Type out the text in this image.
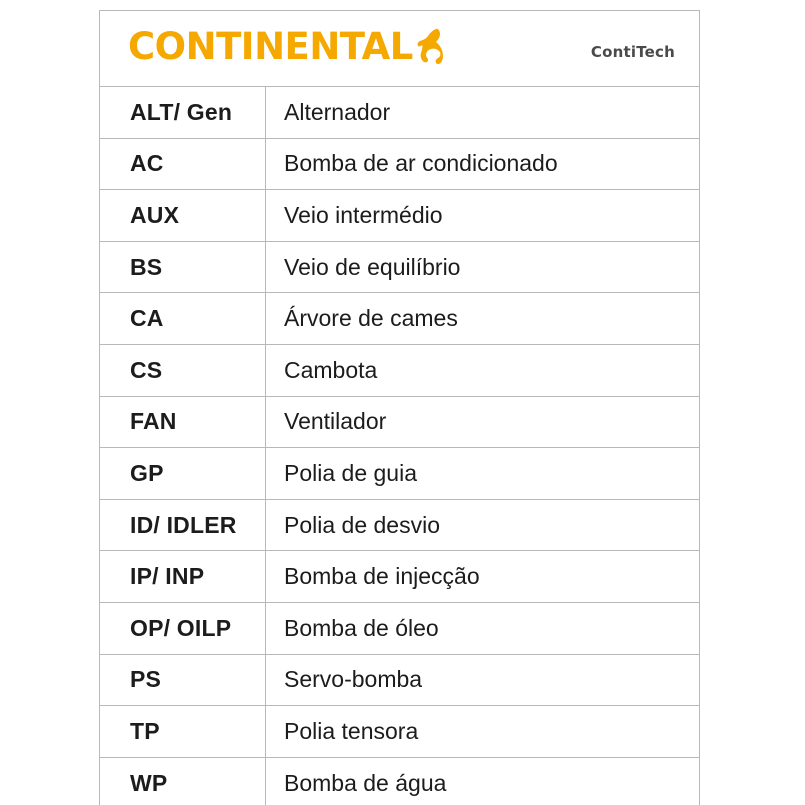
CONTINENTAL	ContiTech
ALT/ Gen	Alternador
AC	Bomba de ar condicionado
AUX	Veio intermédio
BS	Veio de equilíbrio
CA	Árvore de cames
CS	Cambota
FAN	Ventilador
GP	Polia de guia
ID/ IDLER	Polia de desvio
IP/ INP	Bomba de injecção
OP/ OILP	Bomba de óleo
PS	Servo-bomba
TP	Polia tensora
WP	Bomba de água
